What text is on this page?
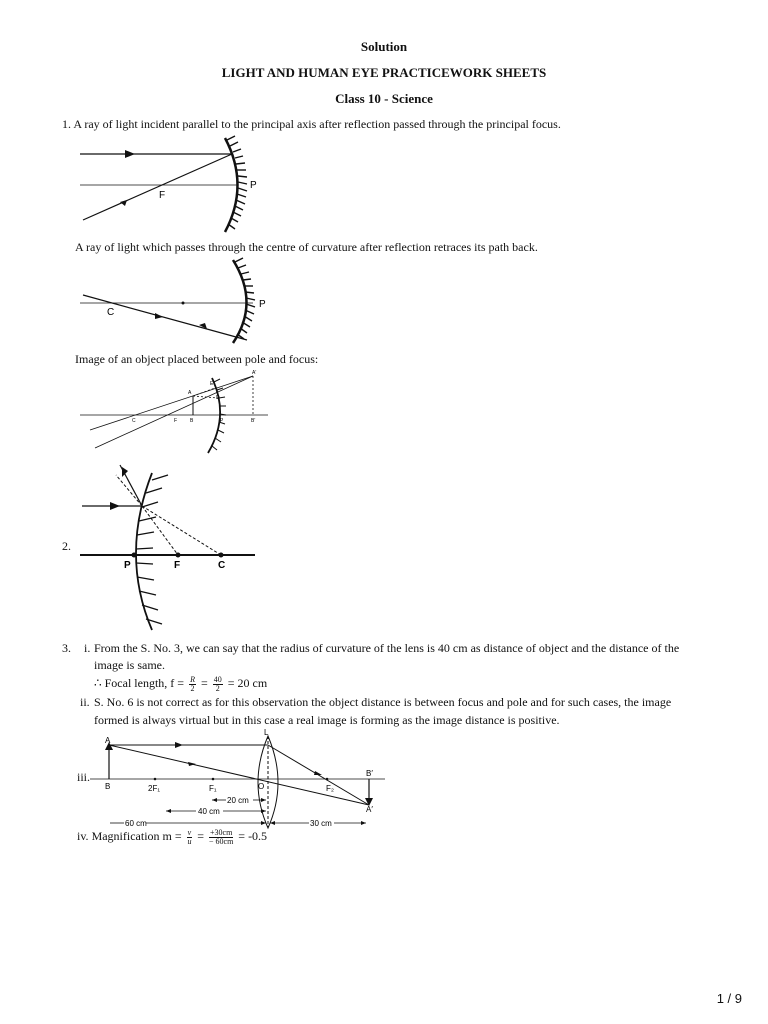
Solution
LIGHT AND HUMAN EYE PRACTICEWORK SHEETS
Class 10 - Science
1. A ray of light incident parallel to the principal axis after reflection passed through the principal focus.
F
P
A ray of light which passes through the centre of curvature after reflection retraces its path back.
C
P
Image of an object placed between pole and focus:
A'
A
E
D
C	F	B	P	B'
2.
P	F	C
3. i. From the S. No. 3, we can say that the radius of curvature of the lens is 40 cm as distance of object and the distance of the
image is same.
∴ Focal length, $f = \frac{R}{2} = \frac{40}{2} = 20$ cm
ii. S. No. 6 is not correct as for this observation the object distance is between focus and pole and for such cases, the image
formed is always virtual but in this case a real image is forming as the image distance is positive.
iii.
L
A
B	2F₁	F₁	O	F₂
B′
A′
20 cm
40 cm
60 cm	30 cm
iv. Magnification $m = \frac{v}{u} = \frac{+30cm}{- 60cm} = -0.5$
1 / 9
